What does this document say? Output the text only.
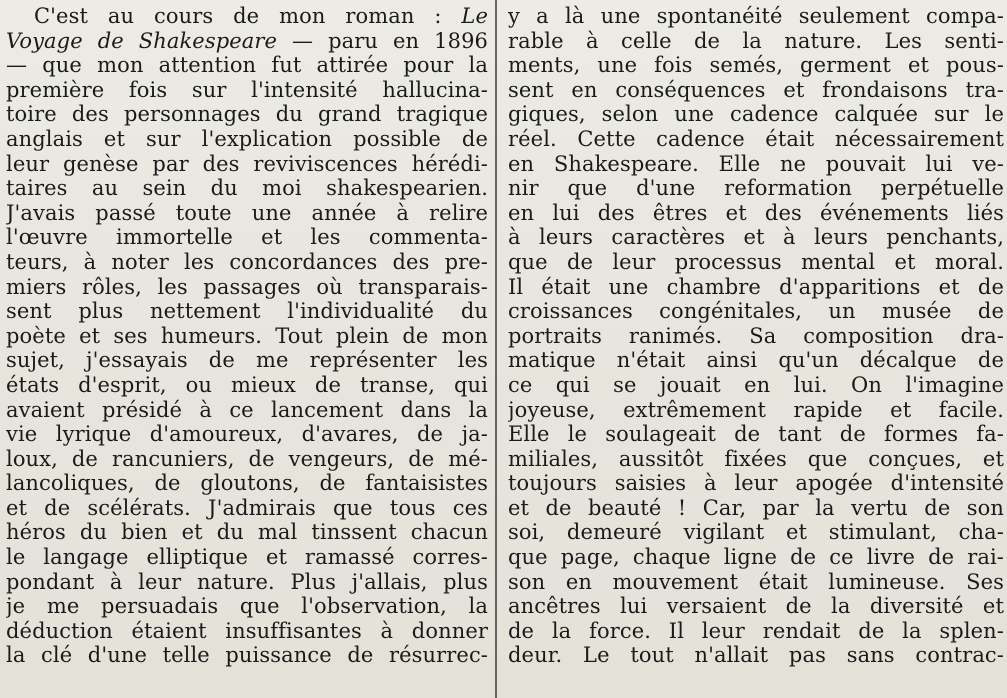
C'est au cours de mon roman : Le
Voyage de Shakespeare — paru en 1896
— que mon attention fut attirée pour la
première fois sur l'intensité hallucina-
toire des personnages du grand tragique
anglais et sur l'explication possible de
leur genèse par des reviviscences hérédi-
taires au sein du moi shakespearien.
J'avais passé toute une année à relire
l'œuvre immortelle et les commenta-
teurs, à noter les concordances des pre-
miers rôles, les passages où transparais-
sent plus nettement l'individualité du
poète et ses humeurs. Tout plein de mon
sujet, j'essayais de me représenter les
états d'esprit, ou mieux de transe, qui
avaient présidé à ce lancement dans la
vie lyrique d'amoureux, d'avares, de ja-
loux, de rancuniers, de vengeurs, de mé-
lancoliques, de gloutons, de fantaisistes
et de scélérats. J'admirais que tous ces
héros du bien et du mal tinssent chacun
le langage elliptique et ramassé corres-
pondant à leur nature. Plus j'allais, plus
je me persuadais que l'observation, la
déduction étaient insuffisantes à donner
la clé d'une telle puissance de résurrec-
y a là une spontanéité seulement compa-
rable à celle de la nature. Les senti-
ments, une fois semés, germent et pous-
sent en conséquences et frondaisons tra-
giques, selon une cadence calquée sur le
réel. Cette cadence était nécessairement
en Shakespeare. Elle ne pouvait lui ve-
nir que d'une reformation perpétuelle
en lui des êtres et des événements liés
à leurs caractères et à leurs penchants,
que de leur processus mental et moral.
Il était une chambre d'apparitions et de
croissances congénitales, un musée de
portraits ranimés. Sa composition dra-
matique n'était ainsi qu'un décalque de
ce qui se jouait en lui. On l'imagine
joyeuse, extrêmement rapide et facile.
Elle le soulageait de tant de formes fa-
miliales, aussitôt fixées que conçues, et
toujours saisies à leur apogée d'intensité
et de beauté ! Car, par la vertu de son
soi, demeuré vigilant et stimulant, cha-
que page, chaque ligne de ce livre de rai-
son en mouvement était lumineuse. Ses
ancêtres lui versaient de la diversité et
de la force. Il leur rendait de la splen-
deur. Le tout n'allait pas sans contrac-
